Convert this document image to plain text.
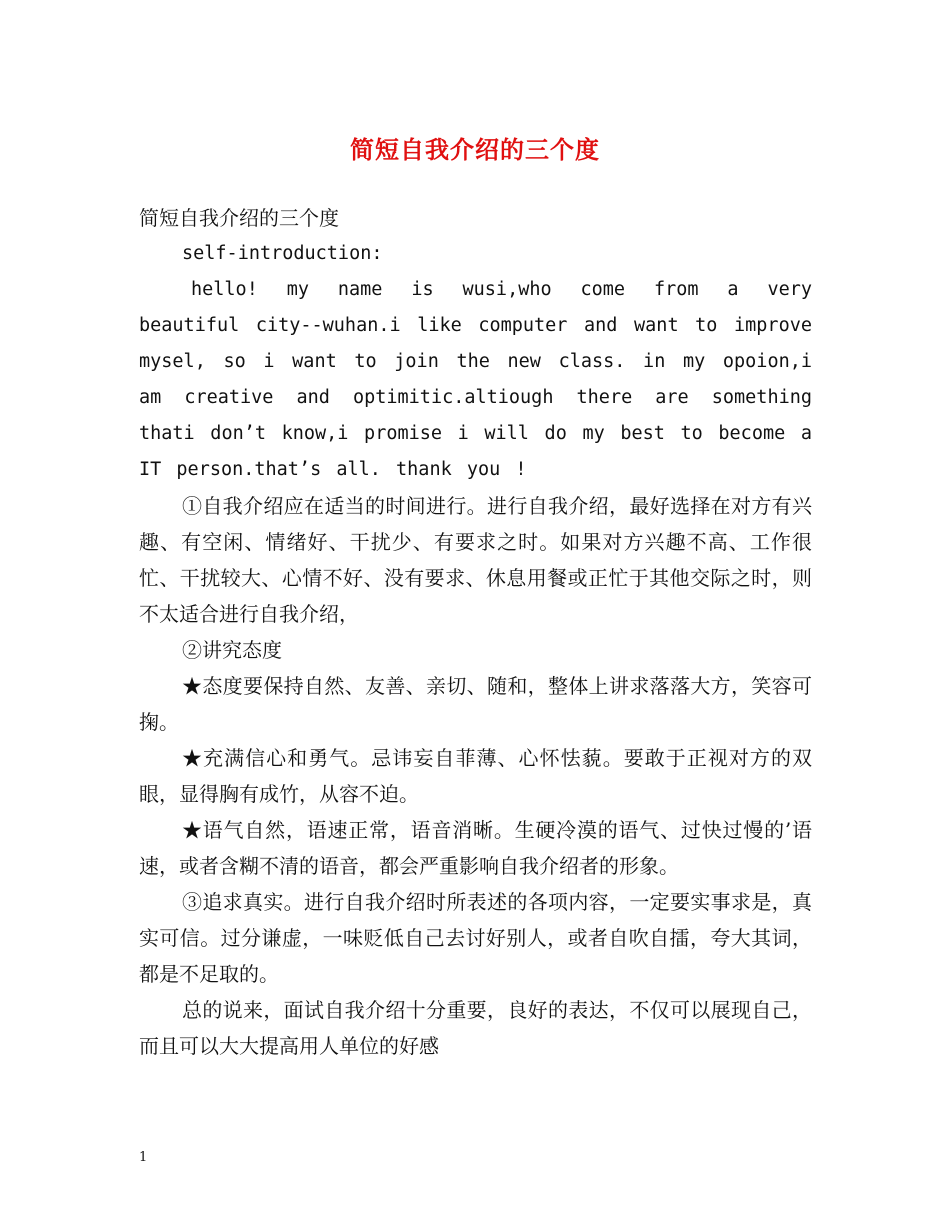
简短自我介绍的三个度

简短自我介绍的三个度

self-introduction:

hello! my name is wusi,who come from a very beautiful city--wuhan.i like computer and want to improve mysel, so i want to join the new class. in my opoion,i am creative and optimitic.altiough there are something thati don’t know,i promise i will do my best to become a IT person.that’s all. thank you !

①自我介绍应在适当的时间进行。进行自我介绍，最好选择在对方有兴趣、有空闲、情绪好、干扰少、有要求之时。如果对方兴趣不高、工作很忙、干扰较大、心情不好、没有要求、休息用餐或正忙于其他交际之时，则不太适合进行自我介绍，

②讲究态度

★态度要保持自然、友善、亲切、随和，整体上讲求落落大方，笑容可掬。

★充满信心和勇气。忌讳妄自菲薄、心怀怯藐。要敢于正视对方的双眼，显得胸有成竹，从容不迫。

★语气自然，语速正常，语音消晰。生硬冷漠的语气、过快过慢的’语速，或者含糊不清的语音，都会严重影响自我介绍者的形象。

③追求真实。进行自我介绍时所表述的各项内容，一定要实事求是，真实可信。过分谦虚，一味贬低自己去讨好别人，或者自吹自擂，夸大其词，都是不足取的。

总的说来，面试自我介绍十分重要，良好的表达，不仅可以展现自己，而且可以大大提高用人单位的好感

1
